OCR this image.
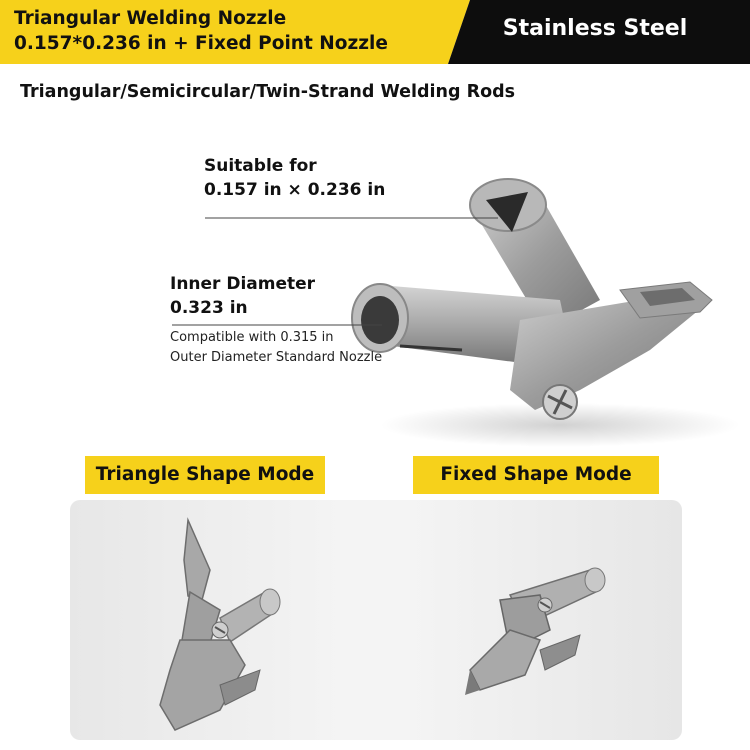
Triangular Welding Nozzle
0.157*0.236 in + Fixed Point Nozzle
Stainless Steel
Triangular/Semicircular/Twin-Strand Welding Rods
Suitable for
0.157 in × 0.236 in
Inner Diameter
0.323 in
Compatible with 0.315 in
Outer Diameter Standard Nozzle
Triangle Shape Mode	Fixed Shape Mode
